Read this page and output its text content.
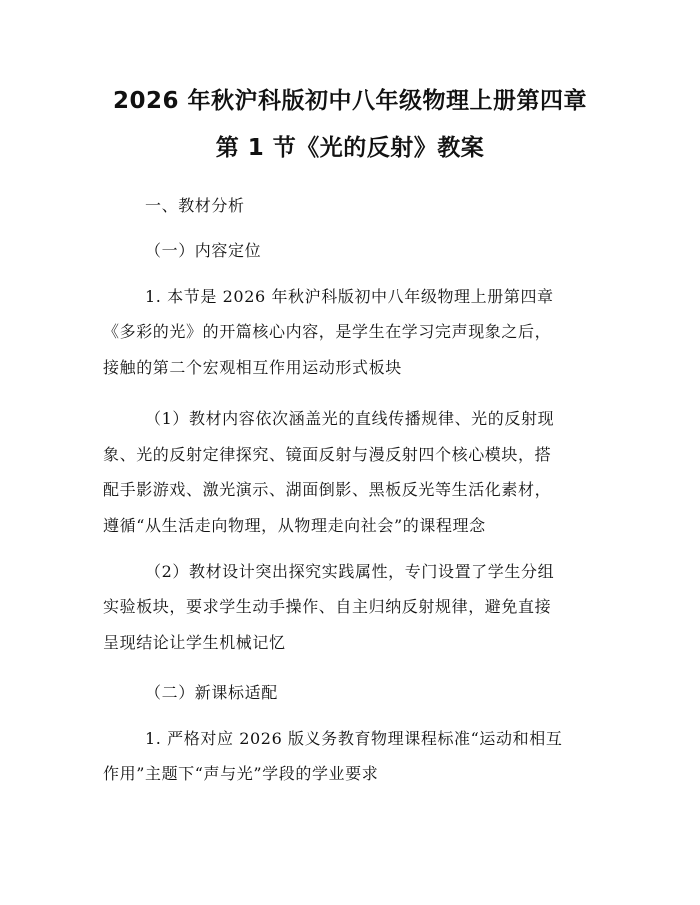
2026 年秋沪科版初中八年级物理上册第四章
第 1 节《光的反射》教案
一、教材分析
（一）内容定位
1. 本节是 2026 年秋沪科版初中八年级物理上册第四章
《多彩的光》的开篇核心内容，是学生在学习完声现象之后，
接触的第二个宏观相互作用运动形式板块
（1）教材内容依次涵盖光的直线传播规律、光的反射现
象、光的反射定律探究、镜面反射与漫反射四个核心模块，搭
配手影游戏、激光演示、湖面倒影、黑板反光等生活化素材，
遵循“从生活走向物理，从物理走向社会”的课程理念
（2）教材设计突出探究实践属性，专门设置了学生分组
实验板块，要求学生动手操作、自主归纳反射规律，避免直接
呈现结论让学生机械记忆
（二）新课标适配
1. 严格对应 2026 版义务教育物理课程标准“运动和相互
作用”主题下“声与光”学段的学业要求
